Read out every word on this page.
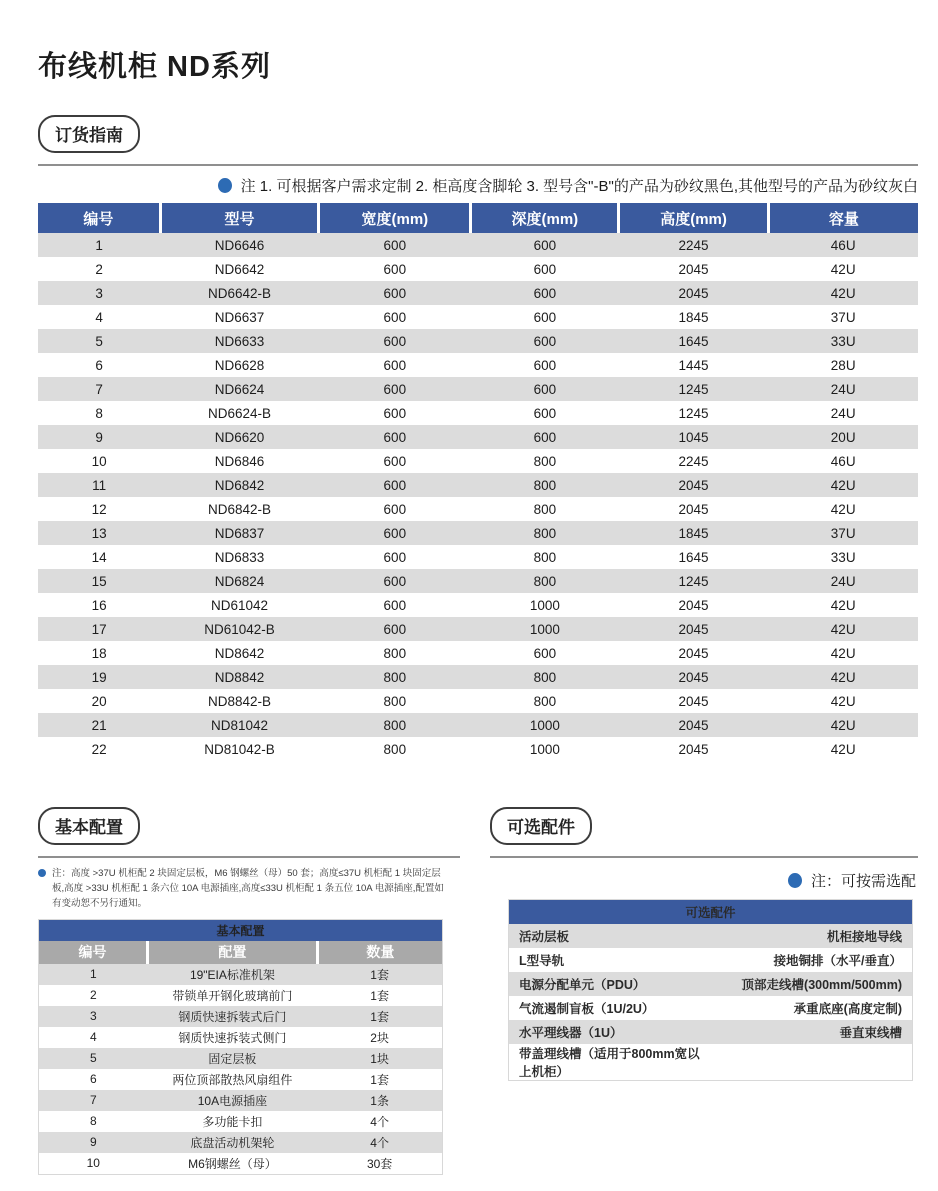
布线机柜 ND系列
订货指南
注 1. 可根据客户需求定制 2. 柜高度含脚轮 3. 型号含"-B"的产品为砂纹黑色,其他型号的产品为砂纹灰白
编号	型号	宽度(mm)	深度(mm)	高度(mm)	容量
1	ND6646	600	600	2245	46U
2	ND6642	600	600	2045	42U
3	ND6642-B	600	600	2045	42U
4	ND6637	600	600	1845	37U
5	ND6633	600	600	1645	33U
6	ND6628	600	600	1445	28U
7	ND6624	600	600	1245	24U
8	ND6624-B	600	600	1245	24U
9	ND6620	600	600	1045	20U
10	ND6846	600	800	2245	46U
11	ND6842	600	800	2045	42U
12	ND6842-B	600	800	2045	42U
13	ND6837	600	800	1845	37U
14	ND6833	600	800	1645	33U
15	ND6824	600	800	1245	24U
16	ND61042	600	1000	2045	42U
17	ND61042-B	600	1000	2045	42U
18	ND8642	800	600	2045	42U
19	ND8842	800	800	2045	42U
20	ND8842-B	800	800	2045	42U
21	ND81042	800	1000	2045	42U
22	ND81042-B	800	1000	2045	42U
基本配置
注：高度 >37U 机柜配 2 块固定层板，M6 钢螺丝（母）50 套；高度≤37U 机柜配 1 块固定层板,高度 >33U 机柜配 1 条六位 10A 电源插座,高度≤33U 机柜配 1 条五位 10A 电源插座,配置如有变动恕不另行通知。
基本配置		
编号	配置	数量
1	19"EIA标准机架	1套
2	带锁单开钢化玻璃前门	1套
3	钢质快速拆装式后门	1套
4	钢质快速拆装式侧门	2块
5	固定层板	1块
6	两位顶部散热风扇组件	1套
7	10A电源插座	1条
8	多功能卡扣	4个
9	底盘活动机架轮	4个
10	M6钢螺丝（母）	30套
可选配件
注：可按需选配
可选配件	
活动层板	机柜接地导线
L型导轨	接地铜排（水平/垂直）
电源分配单元（PDU）	顶部走线槽(300mm/500mm)
气流遏制盲板（1U/2U）	承重底座(高度定制)
水平理线器（1U）	垂直束线槽
带盖理线槽（适用于800mm宽以上机柜）	
